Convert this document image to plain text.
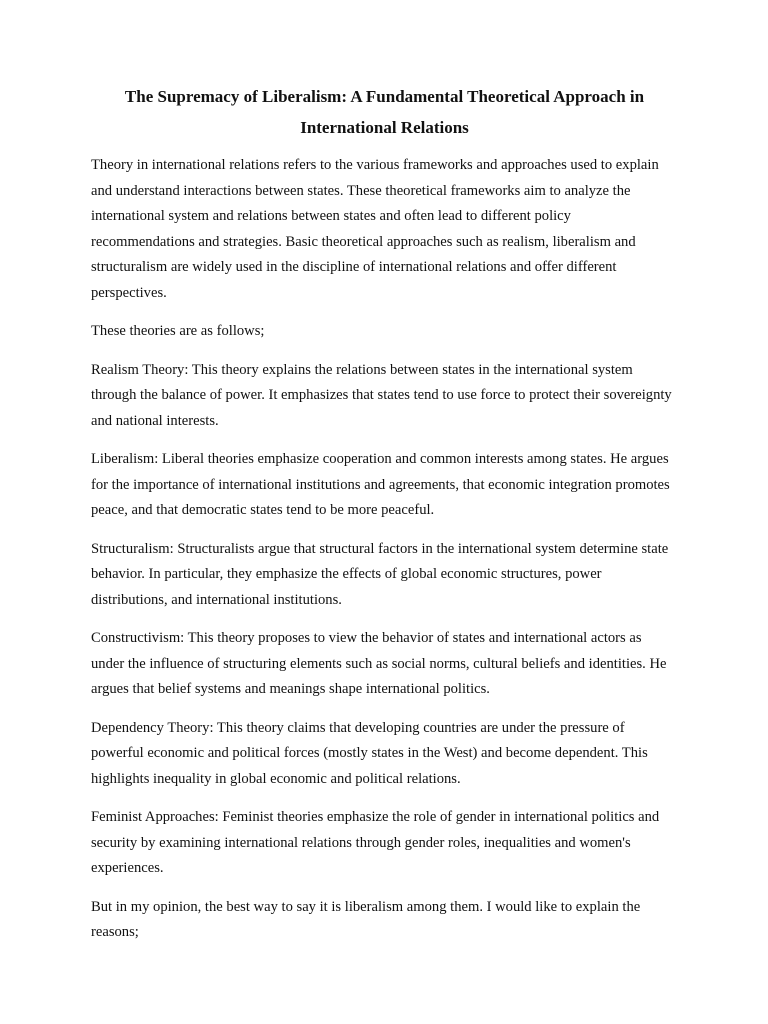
The Supremacy of Liberalism: A Fundamental Theoretical Approach in
International Relations

Theory in international relations refers to the various frameworks and approaches used to explain and understand interactions between states. These theoretical frameworks aim to analyze the international system and relations between states and often lead to different policy recommendations and strategies. Basic theoretical approaches such as realism, liberalism and structuralism are widely used in the discipline of international relations and offer different perspectives.

These theories are as follows;

Realism Theory: This theory explains the relations between states in the international system through the balance of power. It emphasizes that states tend to use force to protect their sovereignty and national interests.

Liberalism: Liberal theories emphasize cooperation and common interests among states. He argues for the importance of international institutions and agreements, that economic integration promotes peace, and that democratic states tend to be more peaceful.

Structuralism: Structuralists argue that structural factors in the international system determine state behavior. In particular, they emphasize the effects of global economic structures, power distributions, and international institutions.

Constructivism: This theory proposes to view the behavior of states and international actors as under the influence of structuring elements such as social norms, cultural beliefs and identities. He argues that belief systems and meanings shape international politics.

Dependency Theory: This theory claims that developing countries are under the pressure of powerful economic and political forces (mostly states in the West) and become dependent. This highlights inequality in global economic and political relations.

Feminist Approaches: Feminist theories emphasize the role of gender in international politics and security by examining international relations through gender roles, inequalities and women's experiences.

But in my opinion, the best way to say it is liberalism among them. I would like to explain the reasons;
